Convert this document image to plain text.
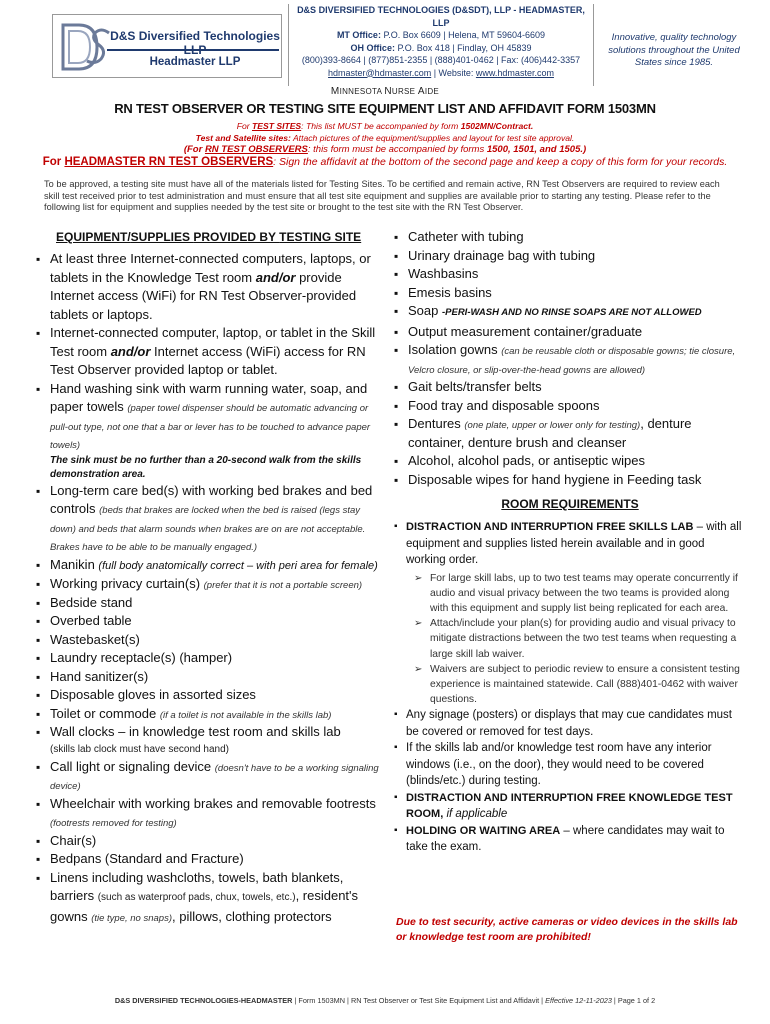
D&S Diversified Technologies
Headmaster LLP
D&S DIVERSIFIED TECHNOLOGIES (D&SDT), LLP - HEADMASTER, LLP
MT Office: P.O. Box 6609 | Helena, MT 59604-6609
OH Office: P.O. Box 418 | Findlay, OH 45839
(800)393-8664 | (877)851-2355 | (888)401-0462 | Fax: (406)442-3357
hdmaster@hdmaster.com | Website: www.hdmaster.com
Innovative, quality technology solutions throughout the United States since 1985.
MINNESOTA NURSE AIDE
RN TEST OBSERVER OR TESTING SITE EQUIPMENT LIST AND AFFIDAVIT FORM 1503MN
For TEST SITES: This list MUST be accompanied by form 1502MN/Contract.
Test and Satellite sites: Attach pictures of the equipment/supplies and layout for test site approval.
(For RN TEST OBSERVERS: this form must be accompanied by forms 1500, 1501, and 1505.)
For HEADMASTER RN TEST OBSERVERS: Sign the affidavit at the bottom of the second page and keep a copy of this form for your records.
To be approved, a testing site must have all of the materials listed for Testing Sites. To be certified and remain active, RN Test Observers are required to review each skill test received prior to test administration and must ensure that all test site equipment and supplies are available prior to starting any testing. Please refer to the following list for equipment and supplies needed by the test site or brought to the test site with the RN Test Observer.
EQUIPMENT/SUPPLIES PROVIDED BY TESTING SITE
▪ At least three Internet-connected computers, laptops, or tablets in the Knowledge Test room and/or provide Internet access (WiFi) for RN Test Observer-provided tablets or laptops.
▪ Internet-connected computer, laptop, or tablet in the Skill Test room and/or Internet access (WiFi) access for RN Test Observer provided laptop or tablet.
▪ Hand washing sink with warm running water, soap, and paper towels (paper towel dispenser should be automatic advancing or pull-out type, not one that a bar or lever has to be touched to advance paper towels)
The sink must be no further than a 20-second walk from the skills demonstration area.
▪ Long-term care bed(s) with working bed brakes and bed controls (beds that brakes are locked when the bed is raised (legs stay down) and beds that alarm sounds when brakes are on are not acceptable. Brakes have to be able to be manually engaged.)
▪ Manikin (full body anatomically correct – with peri area for female)
▪ Working privacy curtain(s) (prefer that it is not a portable screen)
▪ Bedside stand
▪ Overbed table
▪ Wastebasket(s)
▪ Laundry receptacle(s) (hamper)
▪ Hand sanitizer(s)
▪ Disposable gloves in assorted sizes
▪ Toilet or commode (if a toilet is not available in the skills lab)
▪ Wall clocks – in knowledge test room and skills lab
(skills lab clock must have second hand)
▪ Call light or signaling device (doesn't have to be a working signaling device)
▪ Wheelchair with working brakes and removable footrests (footrests removed for testing)
▪ Chair(s)
▪ Bedpans (Standard and Fracture)
▪ Linens including washcloths, towels, bath blankets, barriers (such as waterproof pads, chux, towels, etc.), resident's gowns (tie type, no snaps), pillows, clothing protectors
▪ Catheter with tubing
▪ Urinary drainage bag with tubing
▪ Washbasins
▪ Emesis basins
▪ Soap -PERI-WASH AND NO RINSE SOAPS ARE NOT ALLOWED
▪ Output measurement container/graduate
▪ Isolation gowns (can be reusable cloth or disposable gowns; tie closure, Velcro closure, or slip-over-the-head gowns are allowed)
▪ Gait belts/transfer belts
▪ Food tray and disposable spoons
▪ Dentures (one plate, upper or lower only for testing), denture container, denture brush and cleanser
▪ Alcohol, alcohol pads, or antiseptic wipes
▪ Disposable wipes for hand hygiene in Feeding task
ROOM REQUIREMENTS
▪ DISTRACTION AND INTERRUPTION FREE SKILLS LAB – with all equipment and supplies listed herein available and in good working order.
➢ For large skill labs, up to two test teams may operate concurrently if audio and visual privacy between the two teams is provided along with this equipment and supply list being replicated for each area.
➢ Attach/include your plan(s) for providing audio and visual privacy to mitigate distractions between the two test teams when requesting a large skill lab waiver.
➢ Waivers are subject to periodic review to ensure a consistent testing experience is maintained statewide. Call (888)401-0462 with waiver questions.
▪ Any signage (posters) or displays that may cue candidates must be covered or removed for test days.
▪ If the skills lab and/or knowledge test room have any interior windows (i.e., on the door), they would need to be covered (blinds/etc.) during testing.
▪ DISTRACTION AND INTERRUPTION FREE KNOWLEDGE TEST ROOM, if applicable
▪ HOLDING OR WAITING AREA – where candidates may wait to take the exam.
Due to test security, active cameras or video devices in the skills lab or knowledge test room are prohibited!
D&S DIVERSIFIED TECHNOLOGIES-HEADMASTER | Form 1503MN | RN Test Observer or Test Site Equipment List and Affidavit | Effective 12-11-2023 | Page 1 of 2
